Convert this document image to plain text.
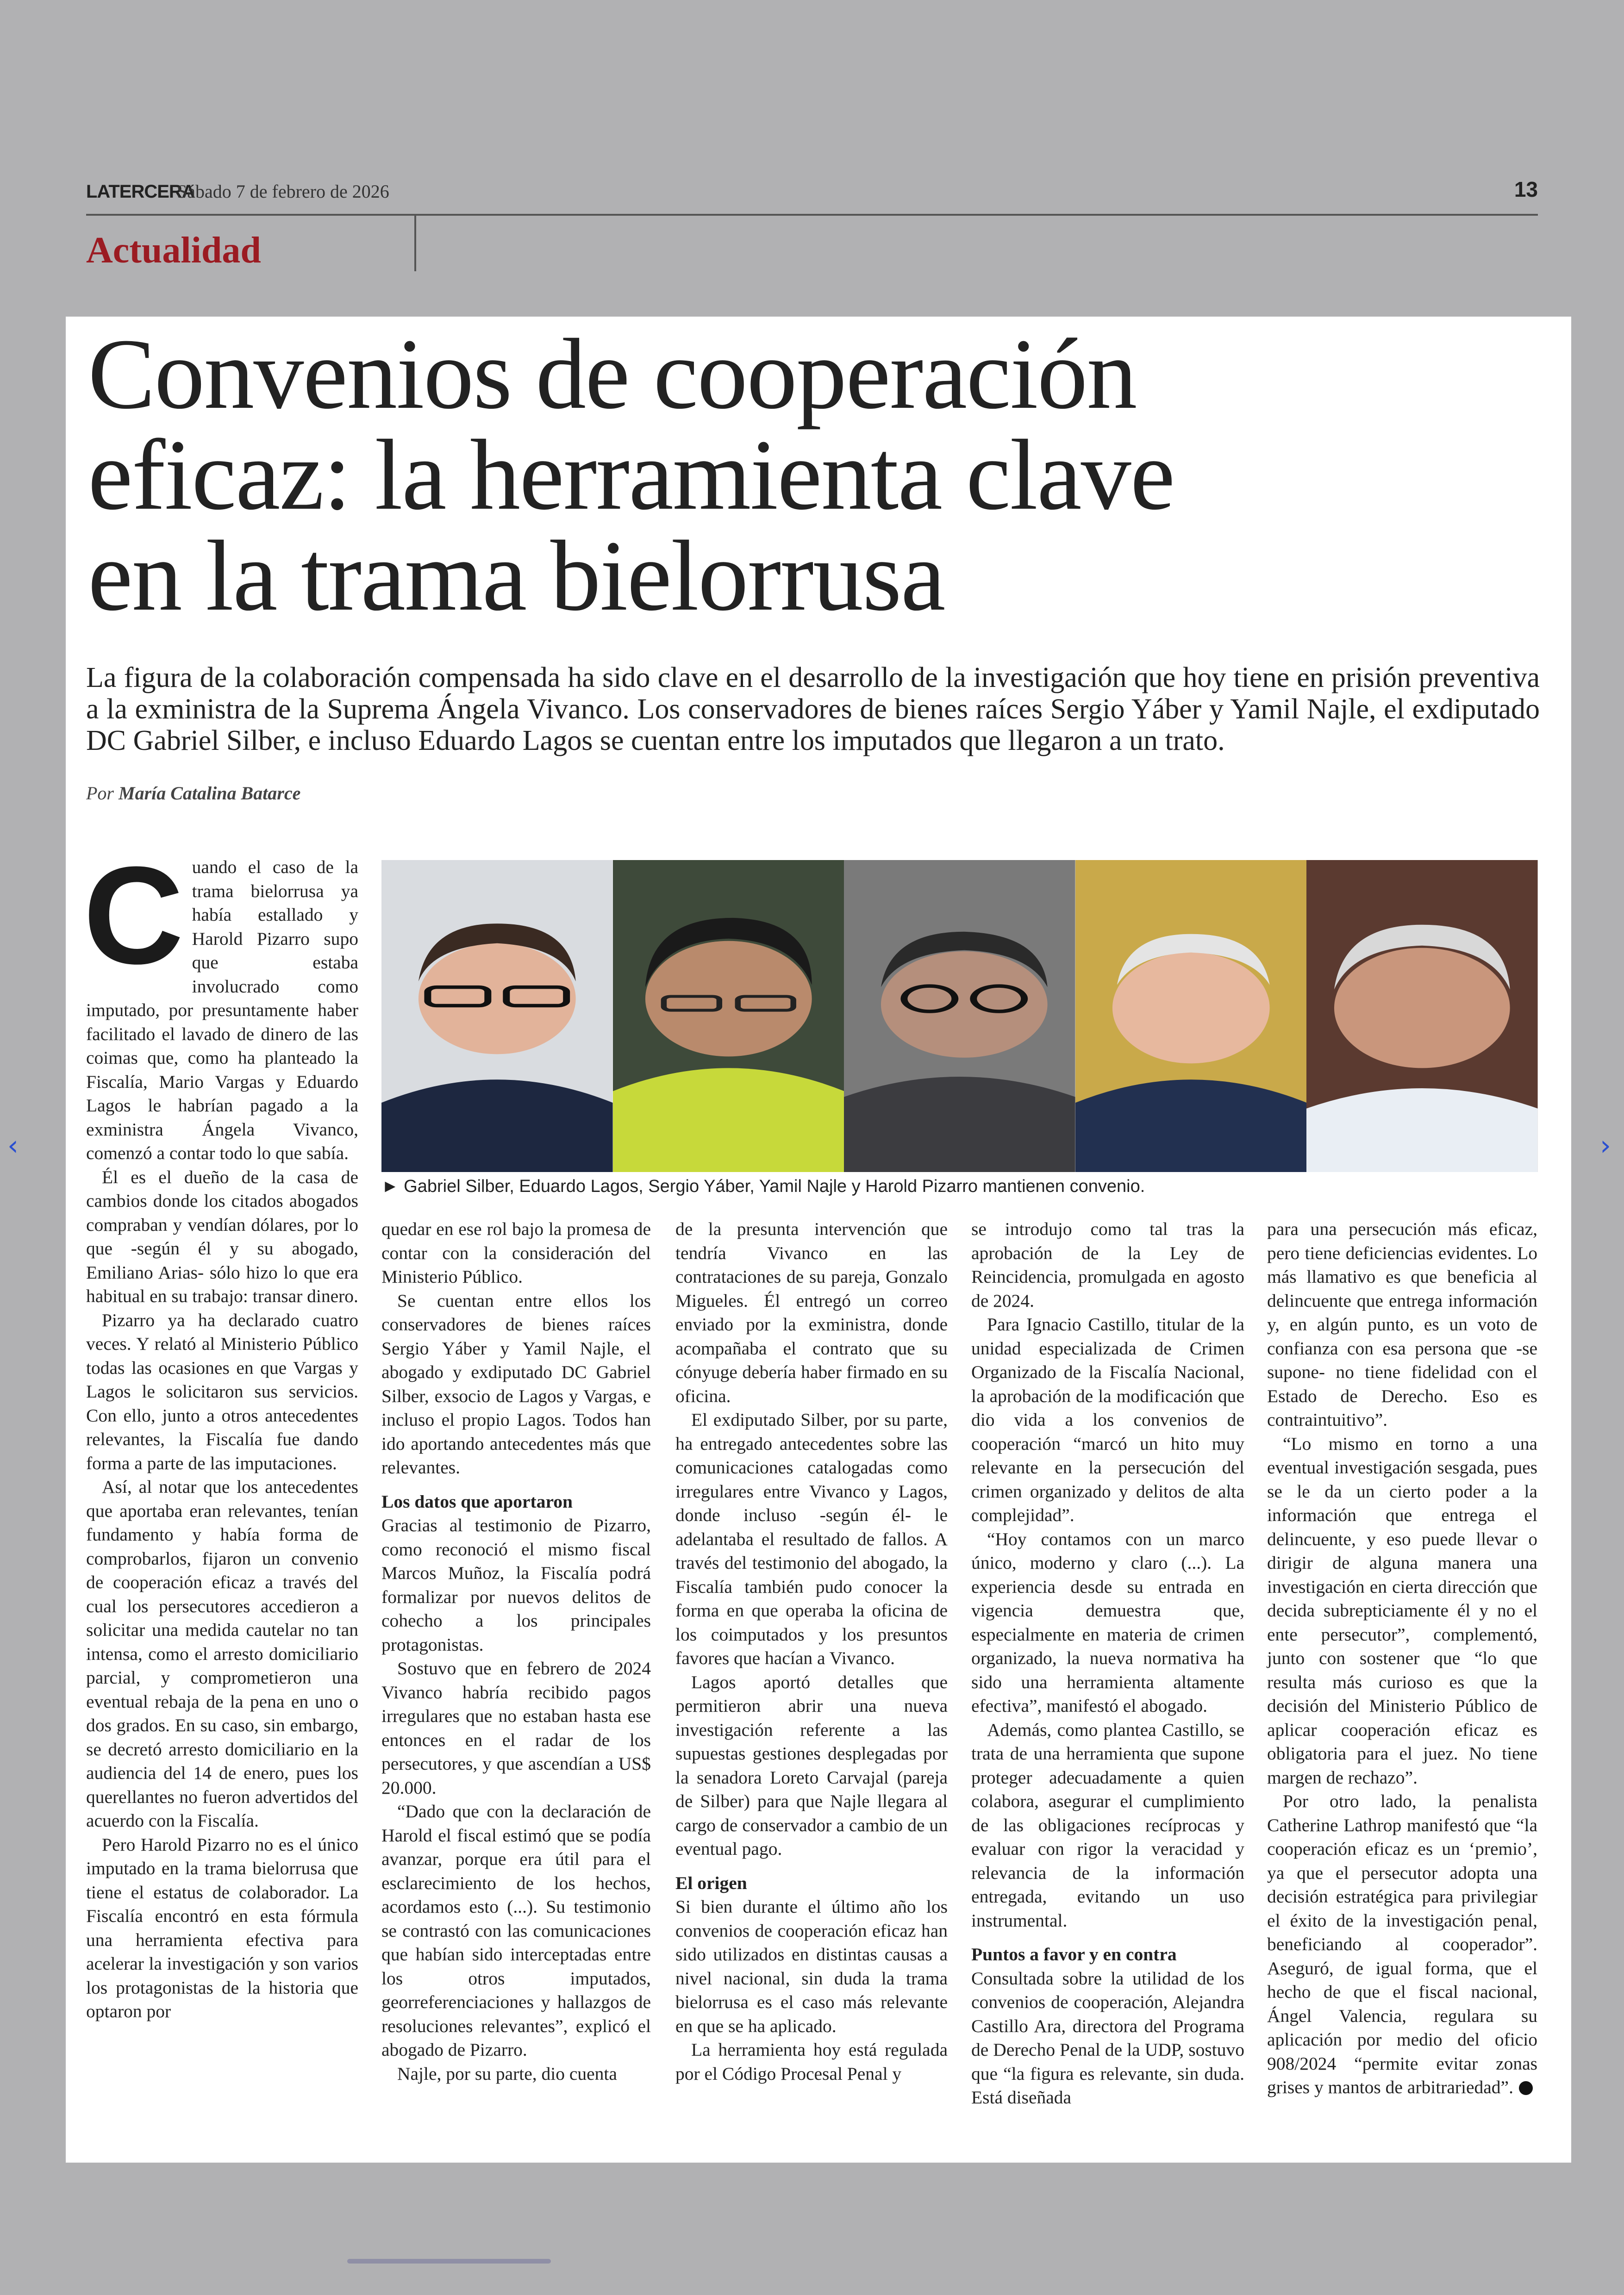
LATERCERA
Sábado 7 de febrero de 2026	13
Actualidad
Convenios de cooperación
eficaz: la herramienta clave
en la trama bielorrusa
La figura de la colaboración compensada ha sido clave en el desarrollo de la investigación que hoy tiene en prisión preventiva a la exministra de la Suprema Ángela Vivanco. Los conservadores de bienes raíces Sergio Yáber y Yamil Najle, el exdiputado DC Gabriel Silber, e incluso Eduardo Lagos se cuentan entre los imputados que llegaron a un trato.
Por María Catalina Batarce
► Gabriel Silber, Eduardo Lagos, Sergio Yáber, Yamil Najle y Harold Pizarro mantienen convenio.
C uando el caso de la trama bielorrusa ya había estallado y Harold Pizarro supo que estaba involucrado como imputado, por presuntamente haber facilitado el lavado de dinero de las coimas que, como ha planteado la Fiscalía, Mario Vargas y Eduardo Lagos le habrían pagado a la exministra Ángela Vivanco, comenzó a contar todo lo que sabía.

Él es el dueño de la casa de cambios donde los citados abogados compraban y vendían dólares, por lo que -según él y su abogado, Emiliano Arias- sólo hizo lo que era habitual en su trabajo: transar dinero.

Pizarro ya ha declarado cuatro veces. Y relató al Ministerio Público todas las ocasiones en que Vargas y Lagos le solicitaron sus servicios. Con ello, junto a otros antecedentes relevantes, la Fiscalía fue dando forma a parte de las imputaciones.

Así, al notar que los antecedentes que aportaba eran relevantes, tenían fundamento y había forma de comprobarlos, fijaron un convenio de cooperación eficaz a través del cual los persecutores accedieron a solicitar una medida cautelar no tan intensa, como el arresto domiciliario parcial, y comprometieron una eventual rebaja de la pena en uno o dos grados. En su caso, sin embargo, se decretó arresto domiciliario en la audiencia del 14 de enero, pues los querellantes no fueron advertidos del acuerdo con la Fiscalía.

Pero Harold Pizarro no es el único imputado en la trama bielorrusa que tiene el estatus de colaborador. La Fiscalía encontró en esta fórmula una herramienta efectiva para acelerar la investigación y son varios los protagonistas de la historia que optaron por

quedar en ese rol bajo la promesa de contar con la consideración del Ministerio Público.

Se cuentan entre ellos los conservadores de bienes raíces Sergio Yáber y Yamil Najle, el abogado y exdiputado DC Gabriel Silber, exsocio de Lagos y Vargas, e incluso el propio Lagos. Todos han ido aportando antecedentes más que relevantes.

Los datos que aportaron

Gracias al testimonio de Pizarro, como reconoció el mismo fiscal Marcos Muñoz, la Fiscalía podrá formalizar por nuevos delitos de cohecho a los principales protagonistas.

Sostuvo que en febrero de 2024 Vivanco habría recibido pagos irregulares que no estaban hasta ese entonces en el radar de los persecutores, y que ascendían a US$ 20.000.

“Dado que con la declaración de Harold el fiscal estimó que se podía avanzar, porque era útil para el esclarecimiento de los hechos, acordamos esto (...). Su testimonio se contrastó con las comunicaciones que habían sido interceptadas entre los otros imputados, georreferenciaciones y hallazgos de resoluciones relevantes”, explicó el abogado de Pizarro.

Najle, por su parte, dio cuenta

de la presunta intervención que tendría Vivanco en las contrataciones de su pareja, Gonzalo Migueles. Él entregó un correo enviado por la exministra, donde acompañaba el contrato que su cónyuge debería haber firmado en su oficina.

El exdiputado Silber, por su parte, ha entregado antecedentes sobre las comunicaciones catalogadas como irregulares entre Vivanco y Lagos, donde incluso -según él- le adelantaba el resultado de fallos. A través del testimonio del abogado, la Fiscalía también pudo conocer la forma en que operaba la oficina de los coimputados y los presuntos favores que hacían a Vivanco.

Lagos aportó detalles que permitieron abrir una nueva investigación referente a las supuestas gestiones desplegadas por la senadora Loreto Carvajal (pareja de Silber) para que Najle llegara al cargo de conservador a cambio de un eventual pago.

El origen

Si bien durante el último año los convenios de cooperación eficaz han sido utilizados en distintas causas a nivel nacional, sin duda la trama bielorrusa es el caso más relevante en que se ha aplicado.

La herramienta hoy está regulada por el Código Procesal Penal y

se introdujo como tal tras la aprobación de la Ley de Reincidencia, promulgada en agosto de 2024.

Para Ignacio Castillo, titular de la unidad especializada de Crimen Organizado de la Fiscalía Nacional, la aprobación de la modificación que dio vida a los convenios de cooperación “marcó un hito muy relevante en la persecución del crimen organizado y delitos de alta complejidad”.

“Hoy contamos con un marco único, moderno y claro (...). La experiencia desde su entrada en vigencia demuestra que, especialmente en materia de crimen organizado, la nueva normativa ha sido una herramienta altamente efectiva”, manifestó el abogado.

Además, como plantea Castillo, se trata de una herramienta que supone proteger adecuadamente a quien colabora, asegurar el cumplimiento de las obligaciones recíprocas y evaluar con rigor la veracidad y relevancia de la información entregada, evitando un uso instrumental.

Puntos a favor y en contra

Consultada sobre la utilidad de los convenios de cooperación, Alejandra Castillo Ara, directora del Programa de Derecho Penal de la UDP, sostuvo que “la figura es relevante, sin duda. Está diseñada

para una persecución más eficaz, pero tiene deficiencias evidentes. Lo más llamativo es que beneficia al delincuente que entrega información y, en algún punto, es un voto de confianza con esa persona que -se supone- no tiene fidelidad con el Estado de Derecho. Eso es contraintuitivo”.

“Lo mismo en torno a una eventual investigación sesgada, pues se le da un cierto poder a la información que entrega el delincuente, y eso puede llevar o dirigir de alguna manera una investigación en cierta dirección que decida subrepticiamente él y no el ente persecutor”, complementó, junto con sostener que “lo que resulta más curioso es que la decisión del Ministerio Público de aplicar cooperación eficaz es obligatoria para el juez. No tiene margen de rechazo”.

Por otro lado, la penalista Catherine Lathrop manifestó que “la cooperación eficaz es un ‘premio’, ya que el persecutor adopta una decisión estratégica para privilegiar el éxito de la investigación penal, beneficiando al cooperador”. Aseguró, de igual forma, que el hecho de que el fiscal nacional, Ángel Valencia, regulara su aplicación por medio del oficio 908/2024 “permite evitar zonas grises y mantos de arbitrariedad”.

‹	›
